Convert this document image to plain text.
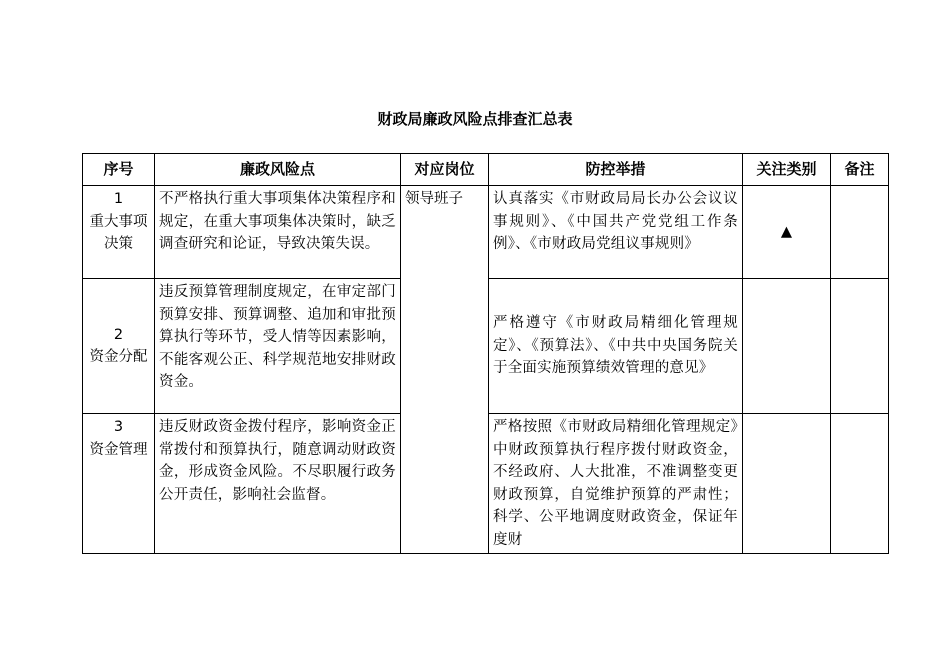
财政局廉政风险点排查汇总表
序号	廉政风险点	对应岗位	防控举措	关注类别	备注

1
重大事项决策	不严格执行重大事项集体决策程序和规定，在重大事项集体决策时，缺乏调查研究和论证，导致决策失误。	领导班子	认真落实《市财政局局长办公会议议事规则》、《中国共产党党组工作条例》、《市财政局党组议事规则》	▲	

2
资金分配	违反预算管理制度规定，在审定部门预算安排、预算调整、追加和审批预算执行等环节，受人情等因素影响，不能客观公正、科学规范地安排财政资金。		严格遵守《市财政局精细化管理规定》、《预算法》、《中共中央国务院关于全面实施预算绩效管理的意见》		

3
资金管理	违反财政资金拨付程序，影响资金正常拨付和预算执行，随意调动财政资金，形成资金风险。不尽职履行政务公开责任，影响社会监督。		严格按照《市财政局精细化管理规定》中财政预算执行程序拨付财政资金，不经政府、人大批准，不准调整变更财政预算，自觉维护预算的严肃性；科学、公平地调度财政资金，保证年度财		
